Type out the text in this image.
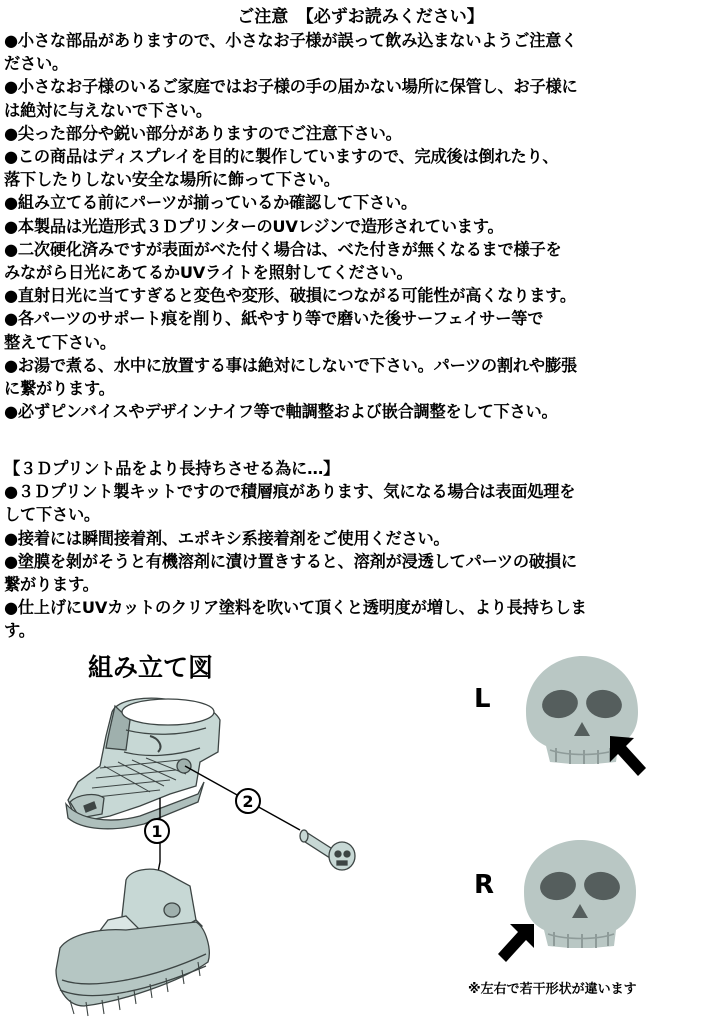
ご注意　【必ずお読みください】
●小さな部品がありますので、小さなお子様が誤って飲み込まないようご注意く
ださい。
●小さなお子様のいるご家庭ではお子様の手の届かない場所に保管し、お子様に
は絶対に与えないで下さい。
●尖った部分や鋭い部分がありますのでご注意下さい。
●この商品はディスプレイを目的に製作していますので、完成後は倒れたり、
落下したりしない安全な場所に飾って下さい。
●組み立てる前にパーツが揃っているか確認して下さい。
●本製品は光造形式３ＤプリンターのUVレジンで造形されています。
●二次硬化済みですが表面がべた付く場合は、べた付きが無くなるまで様子を
みながら日光にあてるかUVライトを照射してください。
●直射日光に当てすぎると変色や変形、破損につながる可能性が高くなります。
●各パーツのサポート痕を削り、紙やすり等で磨いた後サーフェイサー等で
整えて下さい。
●お湯で煮る、水中に放置する事は絶対にしないで下さい。パーツの割れや膨張
に繋がります。
●必ずピンバイスやデザインナイフ等で軸調整および嵌合調整をして下さい。
【３Ｄプリント品をより長持ちさせる為に…】
●３Ｄプリント製キットですので積層痕があります、気になる場合は表面処理を
して下さい。
●接着には瞬間接着剤、エポキシ系接着剤をご使用ください。
●塗膜を剝がそうと有機溶剤に漬け置きすると、溶剤が浸透してパーツの破損に
繋がります。
●仕上げにUVカットのクリア塗料を吹いて頂くと透明度が増し、より長持ちしま
す。
組み立て図
2
1
L
R
※左右で若干形状が違います
